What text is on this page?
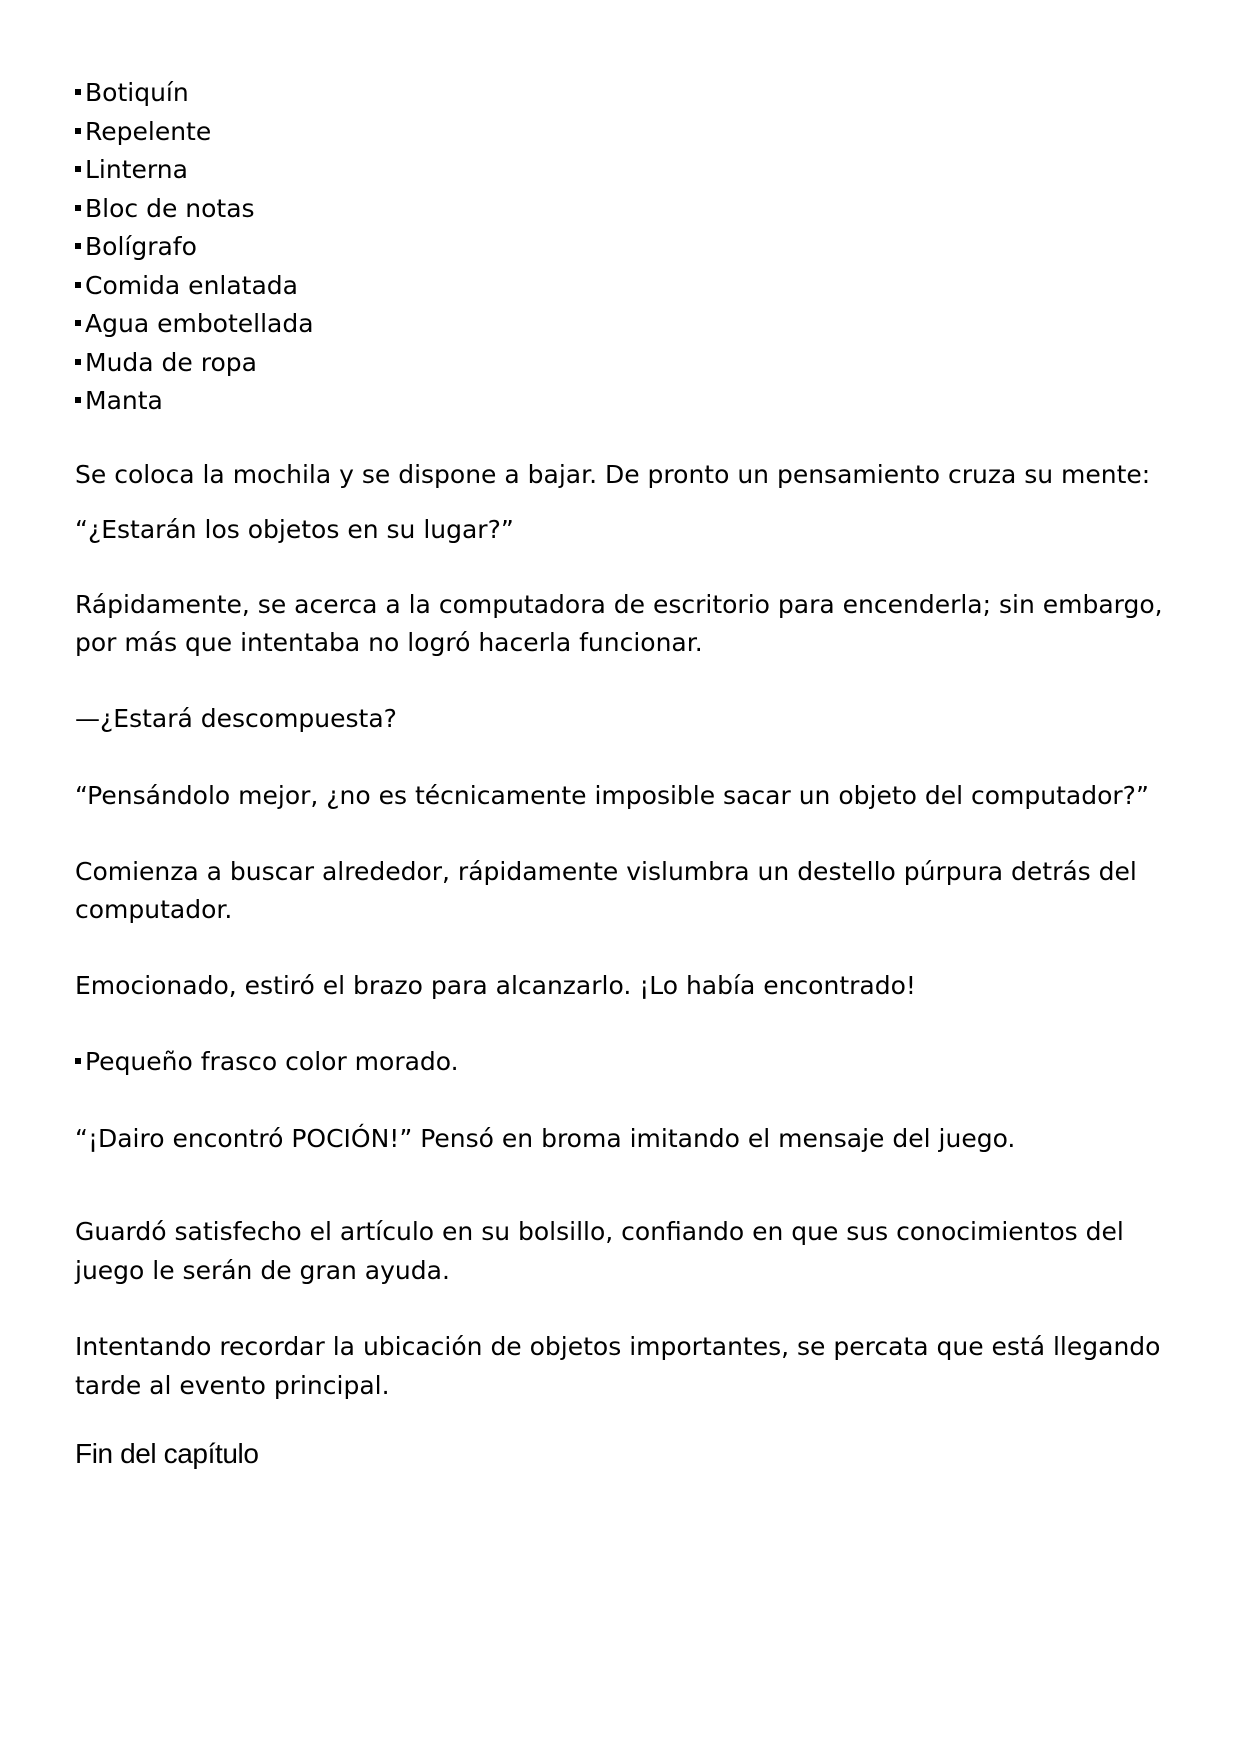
Botiquín
Repelente
Linterna
Bloc de notas
Bolígrafo
Comida enlatada
Agua embotellada
Muda de ropa
Manta

Se coloca la mochila y se dispone a bajar. De pronto un pensamiento cruza su mente:

“¿Estarán los objetos en su lugar?”

Rápidamente, se acerca a la computadora de escritorio para encenderla; sin embargo, por más que intentaba no logró hacerla funcionar.

—¿Estará descompuesta?

“Pensándolo mejor, ¿no es técnicamente imposible sacar un objeto del computador?”

Comienza a buscar alrededor, rápidamente vislumbra un destello púrpura detrás del computador.

Emocionado, estiró el brazo para alcanzarlo. ¡Lo había encontrado!

Pequeño frasco color morado.

“¡Dairo encontró POCIÓN!” Pensó en broma imitando el mensaje del juego.

Guardó satisfecho el artículo en su bolsillo, confiando en que sus conocimientos del juego le serán de gran ayuda.

Intentando recordar la ubicación de objetos importantes, se percata que está llegando tarde al evento principal.

Fin del capítulo
